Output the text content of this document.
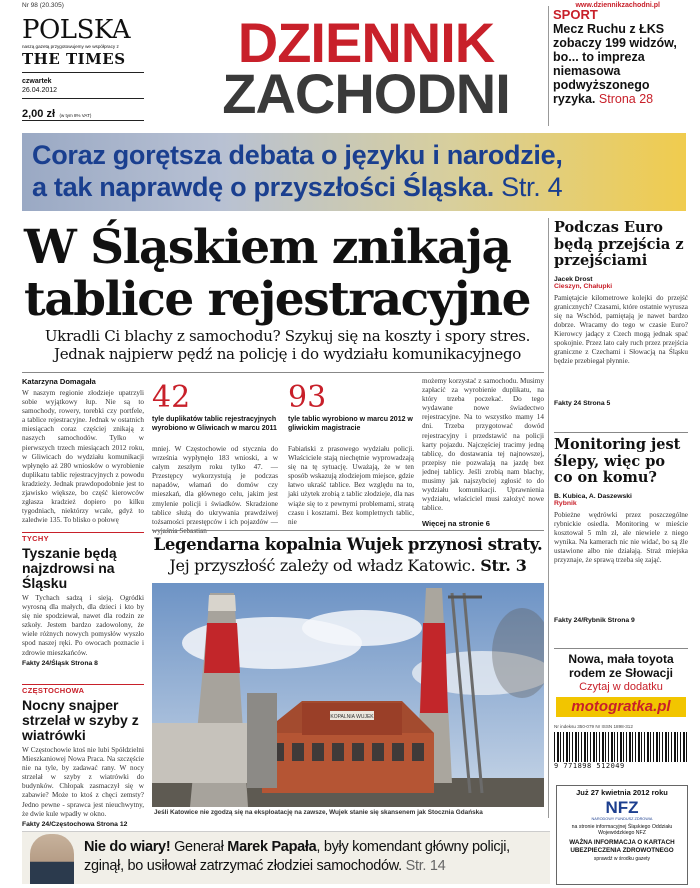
Nr 98 (20.305)	www.dziennikzachodni.pl
POLSKA
naszą gazetą przygotowujemy we współpracy z
THE TIMES
czwartek
26.04.2012
2,00 zł (w tym 8% VAT)
DZIENNIK
ZACHODNI
SPORT
Mecz Ruchu z ŁKS zobaczy 199 widzów, bo... to impreza niemasowa podwyższonego ryzyka. Strona 28
Coraz gorętsza debata o języku i narodzie,
a tak naprawdę o przyszłości Śląska. Str. 4
W Śląskiem znikają
tablice rejestracyjne
Ukradli Ci blachy z samochodu? Szykuj się na koszty i spory stres.
Jednak najpierw pędź na policję i do wydziału komunikacyjnego
Katarzyna Domagała

W naszym regionie złodzieje upatrzyli sobie wyjątkowy łup. Nie są to samochody, rowery, torebki czy portfele, a tablice rejestracyjne. Jednak w ostatnich miesiącach coraz częściej znikają z naszych samochodów. Tylko w pierwszych trzech miesiącach 2012 roku, w Gliwicach do wydziału komunikacji wpłynęło aż 280 wniosków o wyrobienie duplikatu tablic rejestracyjnych z powodu kradzieży. Jednak prawdopodobnie jest to zjawisko większe, bo część kierowców zgłasza kradzież dopiero po kilku tygodniach, niektórzy wcale, gdyż to zaledwie 135. To blisko o połowę

42
tyle duplikatów tablic rejestracyjnych wyrobiono w Gliwicach w marcu 2011
93
tyle tablic wyrobiono w marcu 2012 w gliwickim magistracie

mniej. W Częstochowie od stycznia do września wypłynęło 183 wnioski, a w całym zeszłym roku tylko 47. — Przestępcy wykorzystują je podczas napadów, włamań do domów czy mieszkań, dla głównego celu, jakim jest zmylenie policji i świadków. Skradzione tablice służą do ukrywania prawdziwej tożsamości przestępców i ich pojazdów —

Fabiański z prasowego wydziału policji. Właściciele stają niechętnie wyprowadzają się na tę sytuację. Uważają, że w ten sposób wskazują złodziejom miejsce, gdzie łatwo ukraść tablice. Bez względu na to, jaki użytek zrobią z tablic złodzieje, dla nas wiąże się to z pewnymi problemami, stratą czasu i kosztami. Bez kompletnych tablic, nie

możemy korzystać z samochodu. Musimy zapłacić za wyrobienie duplikatu, na który trzeba poczekać. Do tego wydawane nowe świadectwo rejestracyjne. Na to wszystko mamy 14 dni. Trzeba przygotować dowód rejestracyjny i przedstawić na policji karty pojazdu. Najczęściej tracimy jedną tablicę, do dostawania tej najnowszej, przepisy nie pozwalają na jazdę bez jednej tablicy. Jeśli zrobią nam blachy, musimy jak najszybciej zgłosić to do wydziału komunikacji. Uprawnienia wydziału, właściciel musi założyć nowe tablice.

Więcej na stronie 6
TYCHY
Tyszanie będą najzdrowsi na Śląsku

W Tychach sadzą i sieją. Ogródki wyrosną dla małych, dla dzieci i kto by się nie spodziewał, nawet dla rodzin ze szkoły. Jestem bardzo zadowolony, że wiele różnych nowych pomysłów wyszło spod naszej ręki. Po owocach poznacie i zdrowie mieszkańców.

Fakty 24/Śląsk Strona 8
CZĘSTOCHOWA
Nocny snajper strzelał w szyby z wiatrówki

W Częstochowie ktoś nie lubi Spółdzielni Mieszkaniowej Nowa Praca. Na szczęście nie na tyle, by zadawać rany. W nocy strzelał w szyby z wiatrówki do budynków. Chłopak zasmaczył się w zabawie? Może to ktoś z chęci zemsty? Jedno pewne - sprawca jest nieuchwytny, że dwie kule wpadły w okno.

Fakty 24/Częstochowa Strona 12
Legendarna kopalnia Wujek przynosi straty.
Jej przyszłość zależy od władz Katowic. Str. 3
KOPALNIA WUJEK
Jeśli Katowice nie zgodzą się na eksploatację na zawsze, Wujek stanie się skansenem jak Stocznia Gdańska
Podczas Euro będą przejścia z przejściami
Jacek Drost
Cieszyn, Chałupki

Pamiętajcie kilometrowe kolejki do przejść granicznych? Czasami, które ostatnie wyrusza się na Wschód, pamiętają je nawet bardzo dobrze. Wracamy do tego w czasie Euro? Kierowcy jadący z Czech mogą jednak spać spokojnie. Przez lato cały ruch przez przejścia graniczne z Czechami i Słowacją na Śląsku będzie przebiegał płynnie.

Fakty 24 Strona 5
Monitoring jest ślepy, więc po co on komu?
B. Kubica, A. Daszewski
Rybnik

Pobieżne wędrówki przez poszczególne rybnickie osiedla. Monitoring w mieście kosztował 5 mln zł, ale niewiele z niego wynika. Na kamerach nic nie widać, bo są źle ustawione albo nie działają. Straż miejska przyznaje, że sprawą trzeba się zająć.

Fakty 24/Rybnik Strona 9
Nowa, mała toyota rodem ze Słowacji
Czytaj w dodatku
motogratka.pl
Nr indeksu 350-079 Nr ISSN 1898-312
9 771898 512049
Już 27 kwietnia 2012 roku
NFZ
NARODOWY FUNDUSZ ZDROWIA
na stronie informacyjnej Śląskiego Oddziału Wojewódzkiego NFZ
WAŻNA INFORMACJA O KARTACH UBEZPIECZENIA ZDROWOTNEGO
sprawdź w środku gazety
Nie do wiary! Generał Marek Papała, były komendant główny policji, zginął, bo usiłował zatrzymać złodziei samochodów. Str. 14
